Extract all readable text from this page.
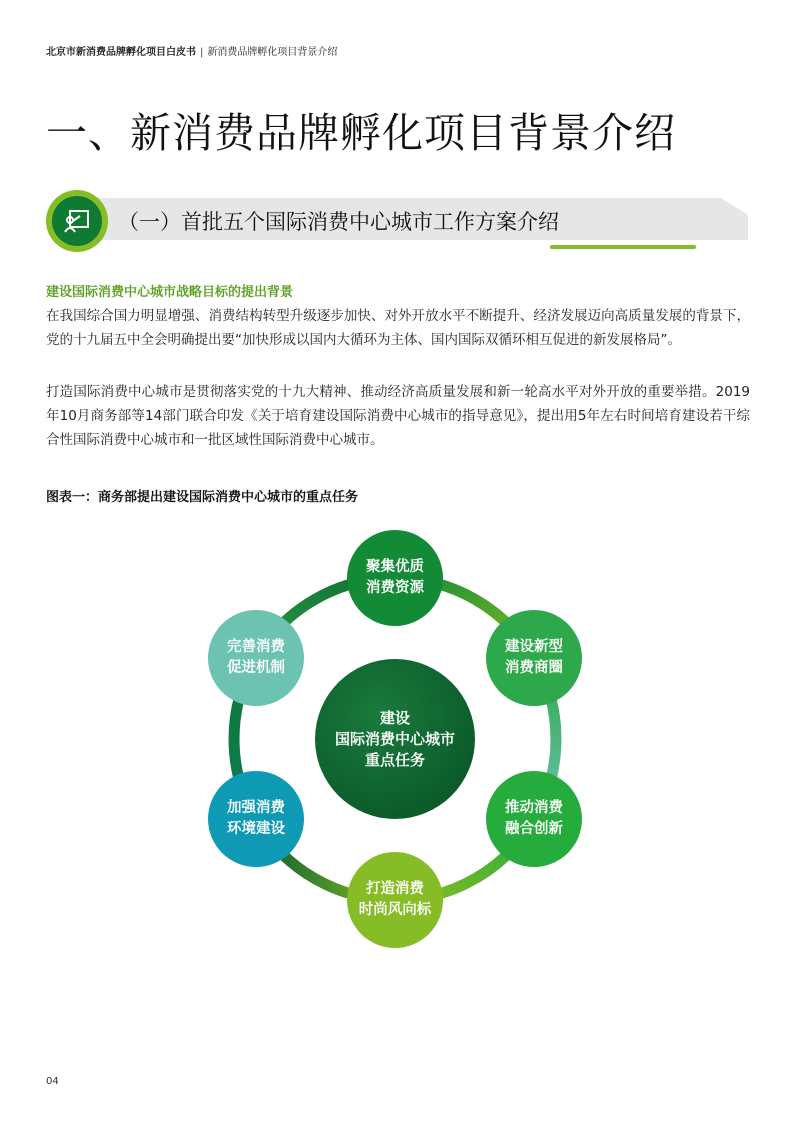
北京市新消费品牌孵化项目白皮书 | 新消费品牌孵化项目背景介绍
一、新消费品牌孵化项目背景介绍
（一）首批五个国际消费中心城市工作方案介绍
建设国际消费中心城市战略目标的提出背景

在我国综合国力明显增强、消费结构转型升级逐步加快、对外开放水平不断提升、经济发展迈向高质量发展的背景下，党的十九届五中全会明确提出要“加快形成以国内大循环为主体、国内国际双循环相互促进的新发展格局”。

打造国际消费中心城市是贯彻落实党的十九大精神、推动经济高质量发展和新一轮高水平对外开放的重要举措。2019年10月商务部等14部门联合印发《关于培育建设国际消费中心城市的指导意见》，提出用5年左右时间培育建设若干综合性国际消费中心城市和一批区域性国际消费中心城市。

图表一：商务部提出建设国际消费中心城市的重点任务
建设
国际消费中心城市
重点任务
聚集优质
消费资源
建设新型
消费商圈
推动消费
融合创新
打造消费
时尚风向标
加强消费
环境建设
完善消费
促进机制
04
